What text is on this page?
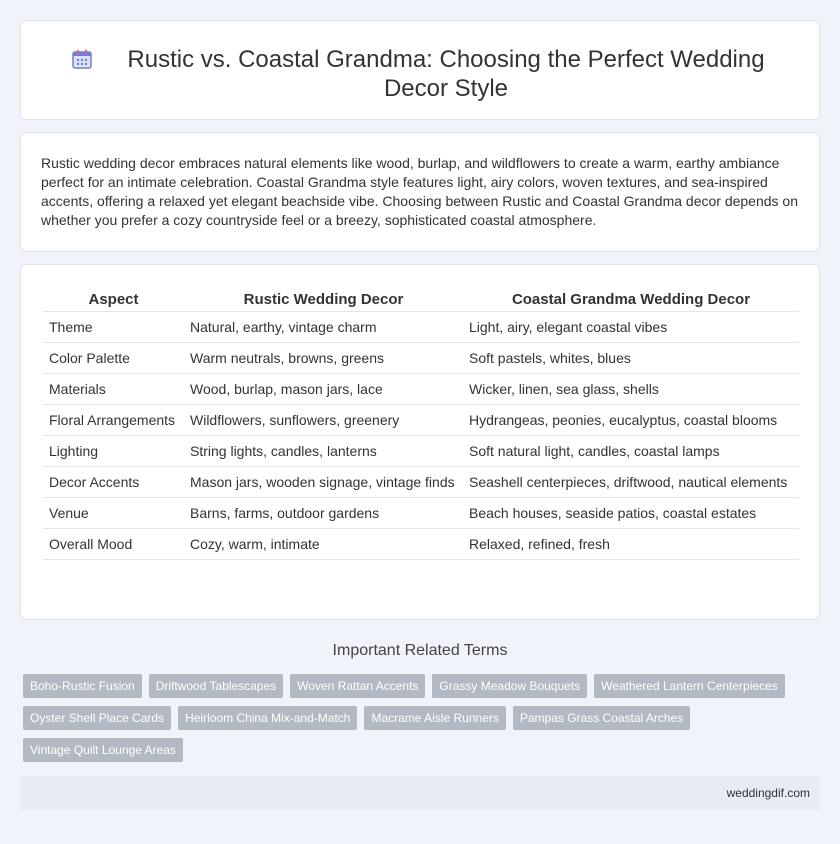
Rustic vs. Coastal Grandma: Choosing the Perfect Wedding Decor Style

Rustic wedding decor embraces natural elements like wood, burlap, and wildflowers to create a warm, earthy ambiance perfect for an intimate celebration. Coastal Grandma style features light, airy colors, woven textures, and sea-inspired accents, offering a relaxed yet elegant beachside vibe. Choosing between Rustic and Coastal Grandma decor depends on whether you prefer a cozy countryside feel or a breezy, sophisticated coastal atmosphere.

Aspect	Rustic Wedding Decor	Coastal Grandma Wedding Decor
Theme	Natural, earthy, vintage charm	Light, airy, elegant coastal vibes
Color Palette	Warm neutrals, browns, greens	Soft pastels, whites, blues
Materials	Wood, burlap, mason jars, lace	Wicker, linen, sea glass, shells
Floral Arrangements	Wildflowers, sunflowers, greenery	Hydrangeas, peonies, eucalyptus, coastal blooms
Lighting	String lights, candles, lanterns	Soft natural light, candles, coastal lamps
Decor Accents	Mason jars, wooden signage, vintage finds	Seashell centerpieces, driftwood, nautical elements
Venue	Barns, farms, outdoor gardens	Beach houses, seaside patios, coastal estates
Overall Mood	Cozy, warm, intimate	Relaxed, refined, fresh
Important Related Terms
Boho-Rustic Fusion	Driftwood Tablescapes	Woven Rattan Accents	Grassy Meadow Bouquets	Weathered Lantern Centerpieces
Oyster Shell Place Cards	Heirloom China Mix-and-Match	Macrame Aisle Runners	Pampas Grass Coastal Arches
Vintage Quilt Lounge Areas
weddingdif.com
